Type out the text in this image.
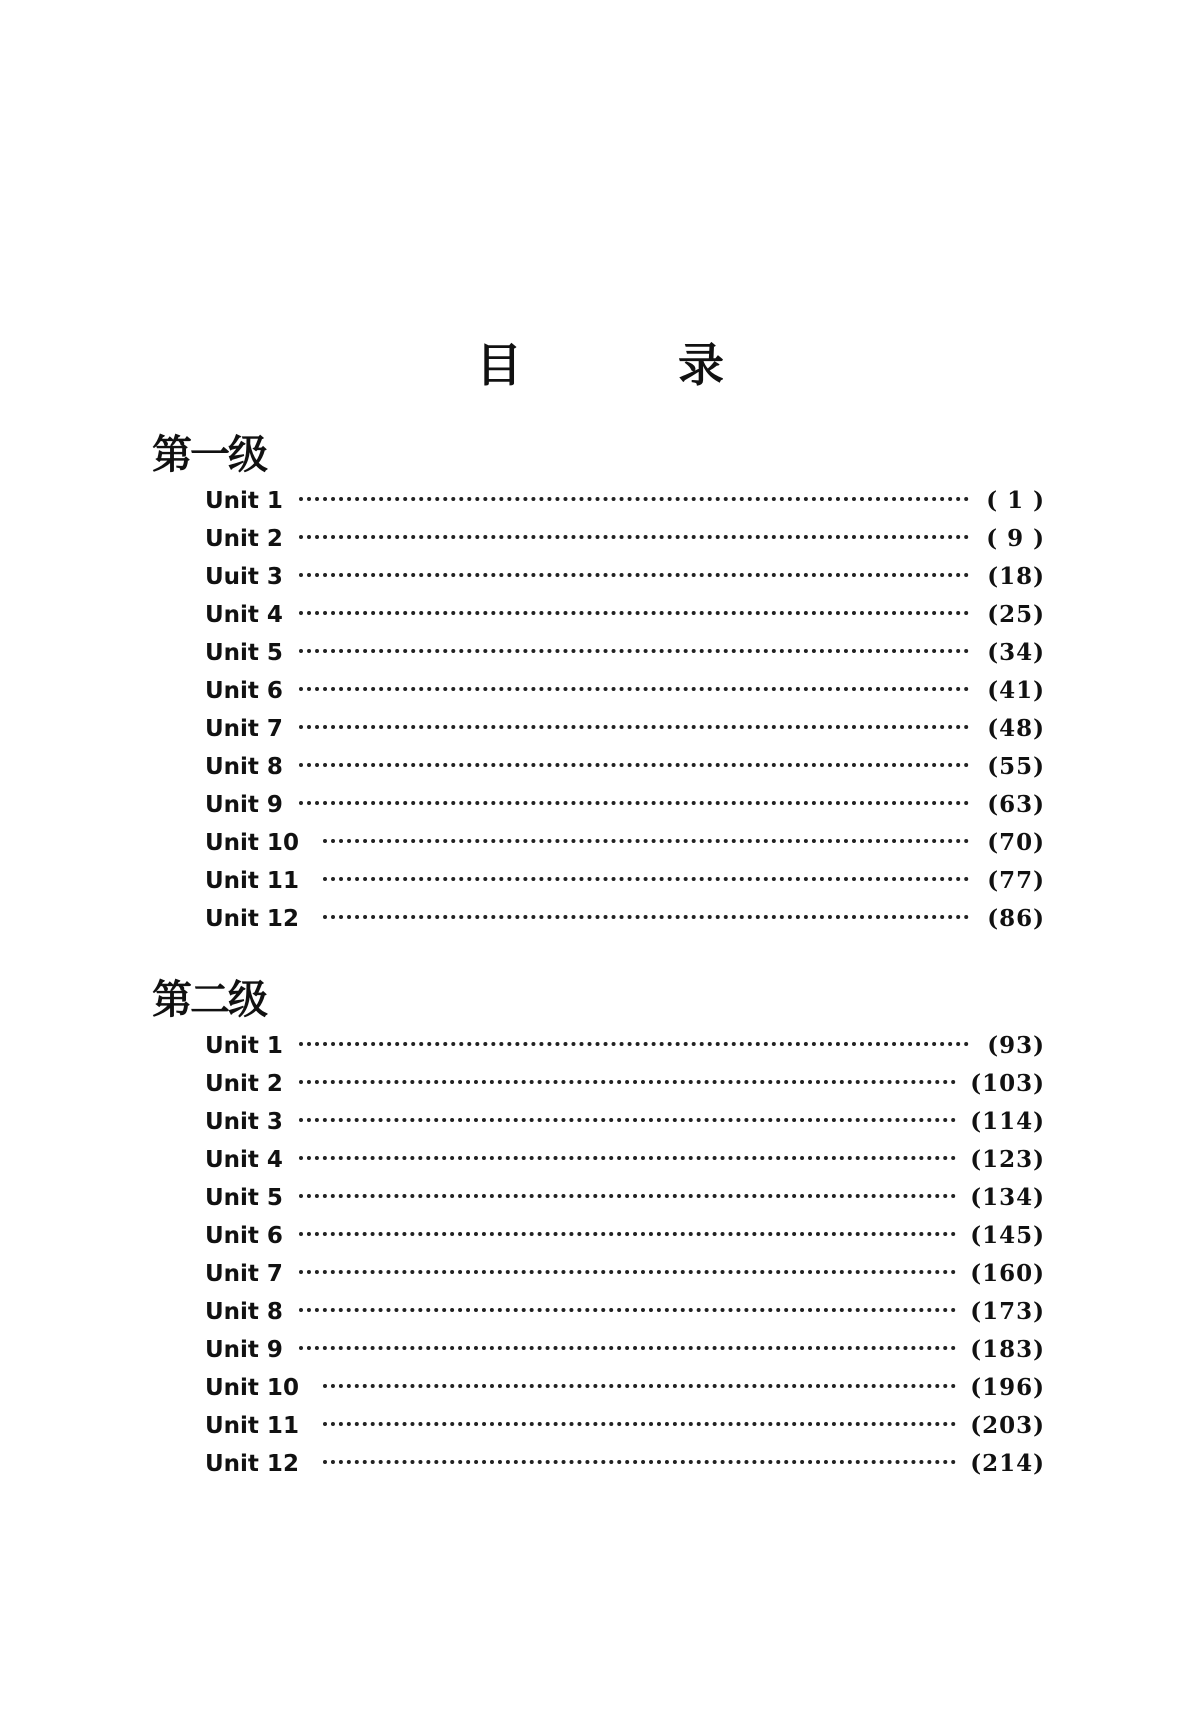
目 录
第一级
Unit 1	( 1 )
Unit 2	( 9 )
Uuit 3	(18)
Unit 4	(25)
Unit 5	(34)
Unit 6	(41)
Unit 7	(48)
Unit 8	(55)
Unit 9	(63)
Unit 10	(70)
Unit 11	(77)
Unit 12	(86)
第二级
Unit 1	(93)
Unit 2	(103)
Unit 3	(114)
Unit 4	(123)
Unit 5	(134)
Unit 6	(145)
Unit 7	(160)
Unit 8	(173)
Unit 9	(183)
Unit 10	(196)
Unit 11	(203)
Unit 12	(214)
